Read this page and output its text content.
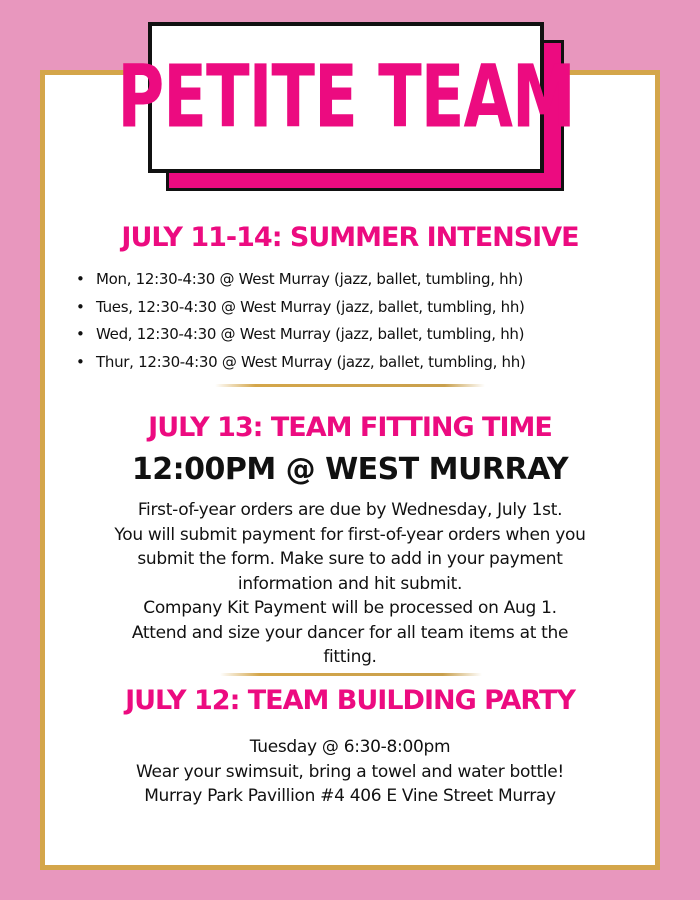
PETITE TEAM
JULY 11-14: SUMMER INTENSIVE
• Mon, 12:30-4:30 @ West Murray (jazz, ballet, tumbling, hh)
• Tues, 12:30-4:30 @ West Murray (jazz, ballet, tumbling, hh)
• Wed, 12:30-4:30 @ West Murray (jazz, ballet, tumbling, hh)
• Thur, 12:30-4:30 @ West Murray (jazz, ballet, tumbling, hh)
JULY 13: TEAM FITTING TIME
12:00PM @ WEST MURRAY
First-of-year orders are due by Wednesday, July 1st.
You will submit payment for first-of-year orders when you
submit the form. Make sure to add in your payment
information and hit submit.
Company Kit Payment will be processed on Aug 1.
Attend and size your dancer for all team items at the
fitting.
JULY 12: TEAM BUILDING PARTY
Tuesday @ 6:30-8:00pm
Wear your swimsuit, bring a towel and water bottle!
Murray Park Pavillion #4 406 E Vine Street Murray
